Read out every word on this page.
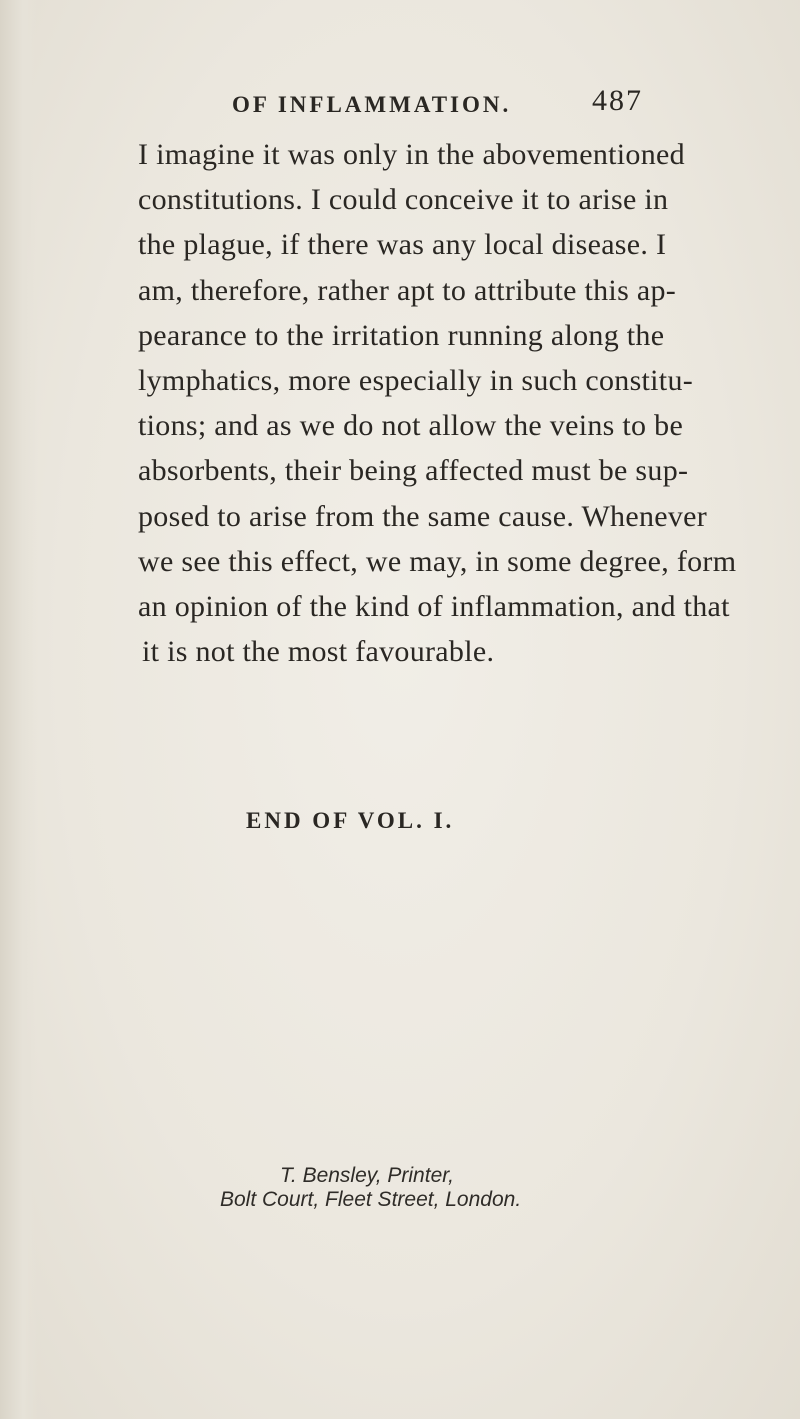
OF INFLAMMATION.	487
I imagine it was only in the abovementioned
constitutions. I could conceive it to arise in
the plague, if there was any local disease. I
am, therefore, rather apt to attribute this ap-
pearance to the irritation running along the
lymphatics, more especially in such constitu-
tions; and as we do not allow the veins to be
absorbents, their being affected must be sup-
posed to arise from the same cause. Whenever
we see this effect, we may, in some degree, form
an opinion of the kind of inflammation, and that
it is not the most favourable.
END OF VOL. I.
T. Bensley, Printer,
Bolt Court, Fleet Street, London.
